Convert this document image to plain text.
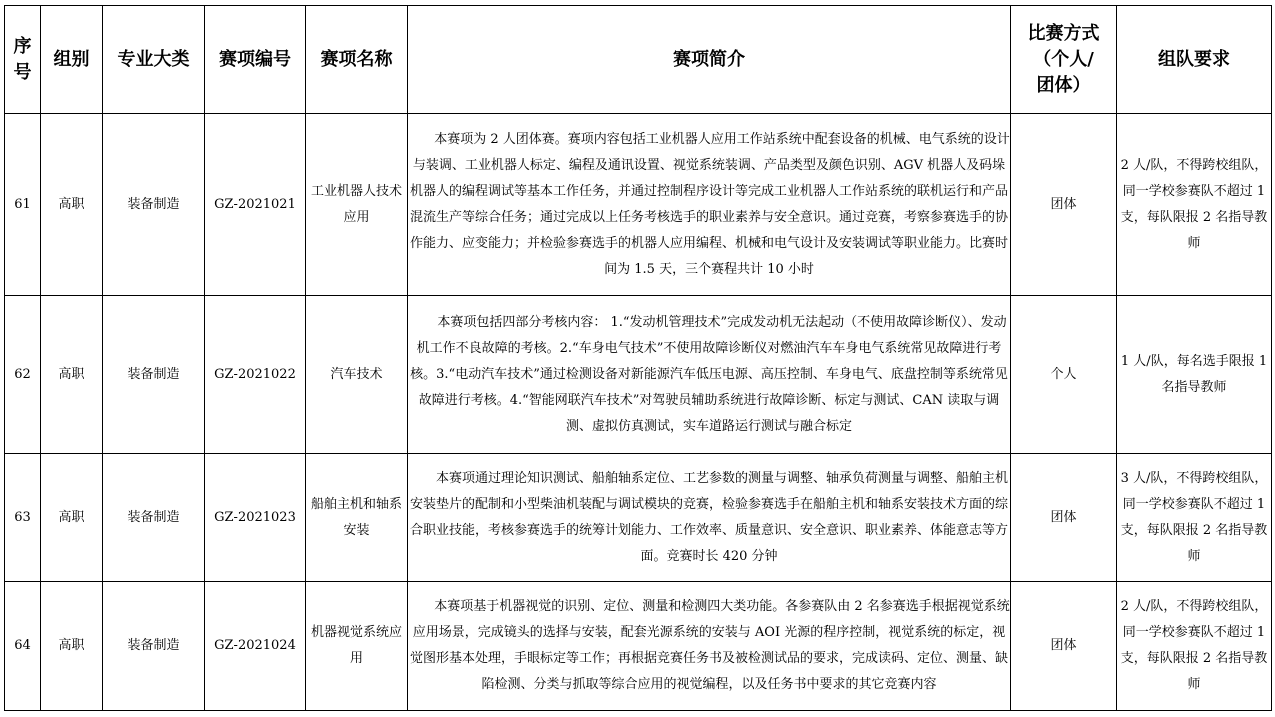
序号	组别	专业大类	赛项编号	赛项名称	赛项简介	比赛方式（个人/团体）	组队要求
61	高职	装备制造	GZ-2021021	工业机器人技术应用	本赛项为 2 人团体赛。赛项内容包括工业机器人应用工作站系统中配套设备的机械、电气系统的设计与装调、工业机器人标定、编程及通讯设置、视觉系统装调、产品类型及颜色识别、AGV 机器人及码垛机器人的编程调试等基本工作任务，并通过控制程序设计等完成工业机器人工作站系统的联机运行和产品混流生产等综合任务；通过完成以上任务考核选手的职业素养与安全意识。通过竞赛，考察参赛选手的协作能力、应变能力；并检验参赛选手的机器人应用编程、机械和电气设计及安装调试等职业能力。比赛时间为 1.5 天，三个赛程共计 10 小时	团体	2 人/队，不得跨校组队，同一学校参赛队不超过 1 支，每队限报 2 名指导教师
62	高职	装备制造	GZ-2021022	汽车技术	本赛项包括四部分考核内容： 1.“发动机管理技术”完成发动机无法起动（不使用故障诊断仪）、发动机工作不良故障的考核。2.“车身电气技术”不使用故障诊断仪对燃油汽车车身电气系统常见故障进行考核。3.“电动汽车技术”通过检测设备对新能源汽车低压电源、高压控制、车身电气、底盘控制等系统常见故障进行考核。4.“智能网联汽车技术”对驾驶员辅助系统进行故障诊断、标定与测试、CAN 读取与调测、虚拟仿真测试，实车道路运行测试与融合标定	个人	1 人/队，每名选手限报 1 名指导教师
63	高职	装备制造	GZ-2021023	船舶主机和轴系安装	本赛项通过理论知识测试、船舶轴系定位、工艺参数的测量与调整、轴承负荷测量与调整、船舶主机安装垫片的配制和小型柴油机装配与调试模块的竞赛，检验参赛选手在船舶主机和轴系安装技术方面的综合职业技能，考核参赛选手的统筹计划能力、工作效率、质量意识、安全意识、职业素养、体能意志等方面。竞赛时长 420 分钟	团体	3 人/队，不得跨校组队，同一学校参赛队不超过 1 支，每队限报 2 名指导教师
64	高职	装备制造	GZ-2021024	机器视觉系统应用	本赛项基于机器视觉的识别、定位、测量和检测四大类功能。各参赛队由 2 名参赛选手根据视觉系统应用场景，完成镜头的选择与安装，配套光源系统的安装与 AOI 光源的程序控制，视觉系统的标定，视觉图形基本处理，手眼标定等工作；再根据竞赛任务书及被检测试品的要求，完成读码、定位、测量、缺陷检测、分类与抓取等综合应用的视觉编程，以及任务书中要求的其它竞赛内容	团体	2 人/队，不得跨校组队，同一学校参赛队不超过 1 支，每队限报 2 名指导教师
